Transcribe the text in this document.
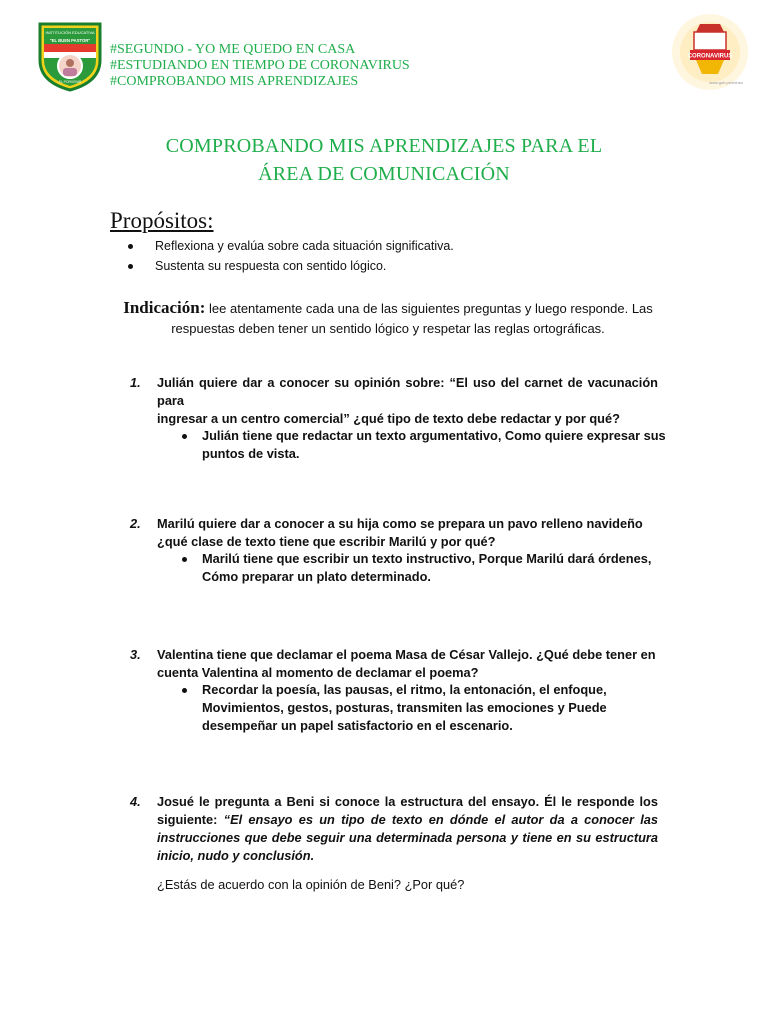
INSTITUCIÓN EDUCATIVA
"EL BUEN PASTOR"
EL PORVENIR
CORONAVIRUS
www.gob.pe/minsa
#SEGUNDO - YO ME QUEDO EN CASA
#ESTUDIANDO EN TIEMPO DE CORONAVIRUS
#COMPROBANDO MIS APRENDIZAJES
COMPROBANDO MIS APRENDIZAJES PARA EL
ÁREA DE COMUNICACIÓN
Propósitos:
Reflexiona y evalúa sobre cada situación significativa.
Sustenta su respuesta con sentido lógico.
Indicación: lee atentamente cada una de las siguientes preguntas y luego responde. Las
respuestas deben tener un sentido lógico y respetar las reglas ortográficas.
1. Julián quiere dar a conocer su opinión sobre: “El uso del carnet de vacunación para
ingresar a un centro comercial” ¿qué tipo de texto debe redactar y por qué?
Julián tiene que redactar un texto argumentativo, Como quiere expresar sus
puntos de vista.
2. Marilú quiere dar a conocer a su hija como se prepara un pavo relleno navideño
¿qué clase de texto tiene que escribir Marilú y por qué?
Marilú tiene que escribir un texto instructivo, Porque Marilú dará órdenes,
Cómo preparar un plato determinado.
3. Valentina tiene que declamar el poema Masa de César Vallejo. ¿Qué debe tener en
cuenta Valentina al momento de declamar el poema?
Recordar la poesía, las pausas, el ritmo, la entonación, el enfoque,
Movimientos, gestos, posturas, transmiten las emociones y Puede
desempeñar un papel satisfactorio en el escenario.
4. Josué le pregunta a Beni si conoce la estructura del ensayo. Él le responde los siguiente: “El ensayo es un tipo de texto en dónde el autor da a conocer las instrucciones que debe seguir una determinada persona y tiene en su estructura inicio, nudo y conclusión.
¿Estás de acuerdo con la opinión de Beni? ¿Por qué?
